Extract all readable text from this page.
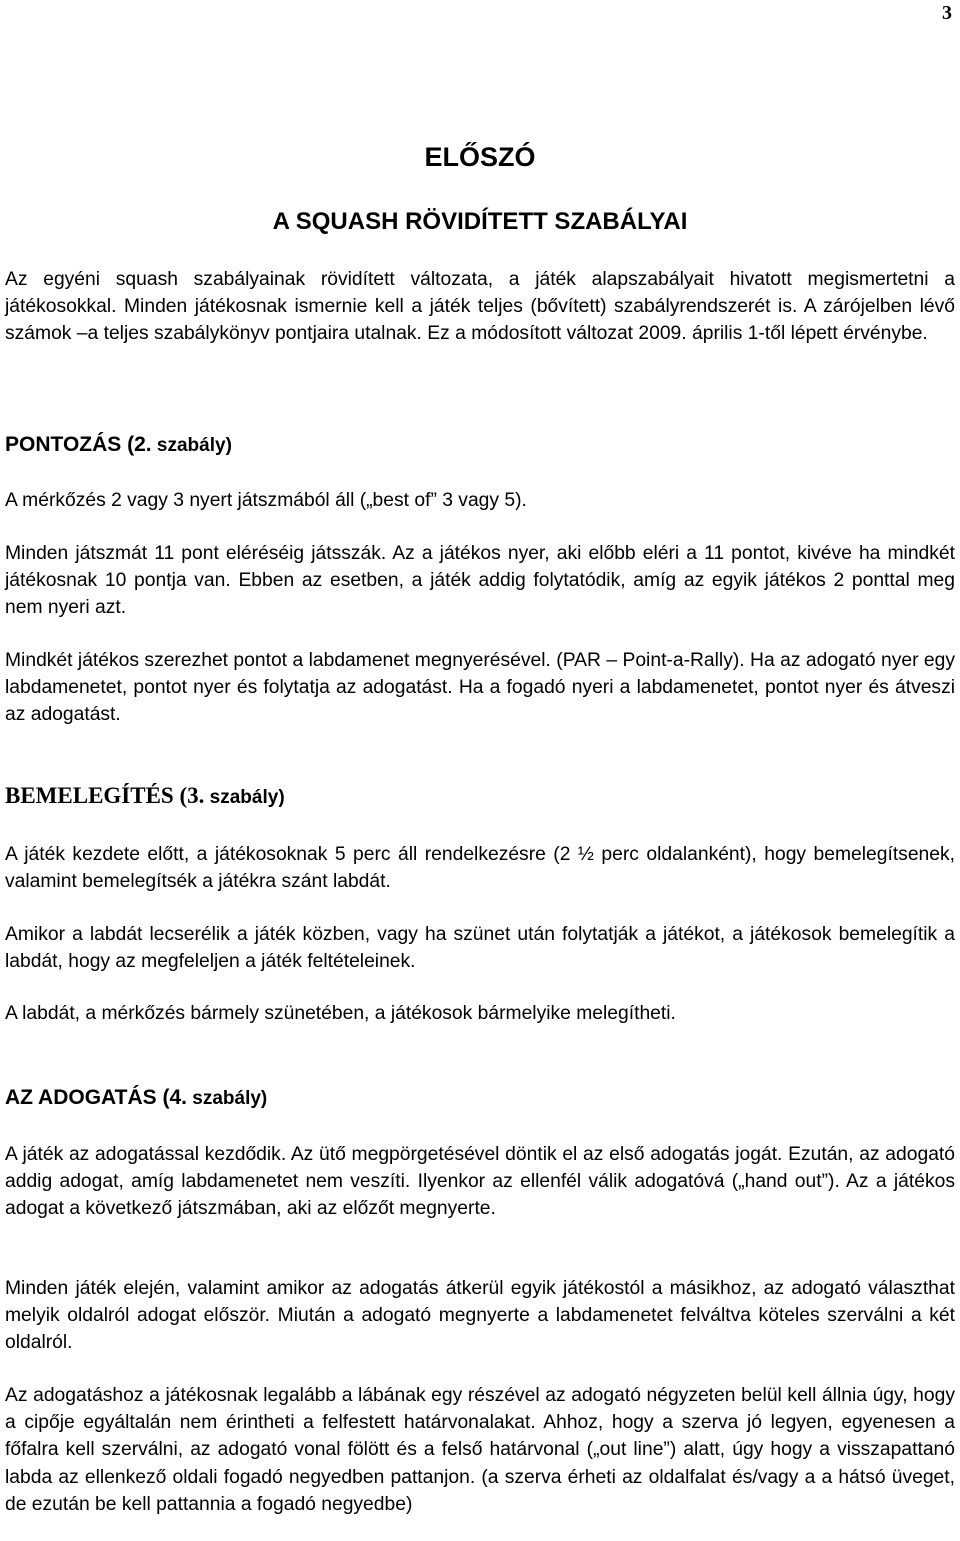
3
ELŐSZÓ
A SQUASH RÖVIDÍTETT SZABÁLYAI

Az egyéni squash szabályainak rövidített változata, a játék alapszabályait hivatott megismertetni a játékosokkal. Minden játékosnak ismernie kell a játék teljes (bővített) szabályrendszerét is. A zárójelben lévő számok –a teljes szabálykönyv pontjaira utalnak. Ez a módosított változat 2009. április 1-től lépett érvénybe.

PONTOZÁS (2. szabály)

A mérkőzés 2 vagy 3 nyert játszmából áll („best of” 3 vagy 5).

Minden játszmát 11 pont eléréséig játsszák. Az a játékos nyer, aki előbb eléri a 11 pontot, kivéve ha mindkét játékosnak 10 pontja van. Ebben az esetben, a játék addig folytatódik, amíg az egyik játékos 2 ponttal meg nem nyeri azt.

Mindkét játékos szerezhet pontot a labdamenet megnyerésével. (PAR – Point-a-Rally). Ha az adogató nyer egy labdamenetet, pontot nyer és folytatja az adogatást. Ha a fogadó nyeri a labdamenetet, pontot nyer és átveszi az adogatást.

BEMELEGÍTÉS (3. szabály)

A játék kezdete előtt, a játékosoknak 5 perc áll rendelkezésre (2 ½ perc oldalanként), hogy bemelegítsenek, valamint bemelegítsék a játékra szánt labdát.

Amikor a labdát lecserélik a játék közben, vagy ha szünet után folytatják a játékot, a játékosok bemelegítik a labdát, hogy az megfeleljen a játék feltételeinek.

A labdát, a mérkőzés bármely szünetében, a játékosok bármelyike melegítheti.

AZ ADOGATÁS (4. szabály)

A játék az adogatással kezdődik. Az ütő megpörgetésével döntik el az első adogatás jogát. Ezután, az adogató addig adogat, amíg labdamenetet nem veszíti. Ilyenkor az ellenfél válik adogatóvá („hand out”). Az a játékos adogat a következő játszmában, aki az előzőt megnyerte.

Minden játék elején, valamint amikor az adogatás átkerül egyik játékostól a másikhoz, az adogató választhat melyik oldalról adogat először. Miután a adogató megnyerte a labdamenetet felváltva köteles szerválni a két oldalról.

Az adogatáshoz a játékosnak legalább a lábának egy részével az adogató négyzeten belül kell állnia úgy, hogy a cipője egyáltalán nem érintheti a felfestett határvonalakat. Ahhoz, hogy a szerva jó legyen, egyenesen a főfalra kell szerválni, az adogató vonal fölött és a felső határvonal („out line”) alatt, úgy hogy a visszapattanó labda az ellenkező oldali fogadó negyedben pattanjon. (a szerva érheti az oldalfalat és/vagy a a hátsó üveget, de ezután be kell pattannia a fogadó negyedbe)
